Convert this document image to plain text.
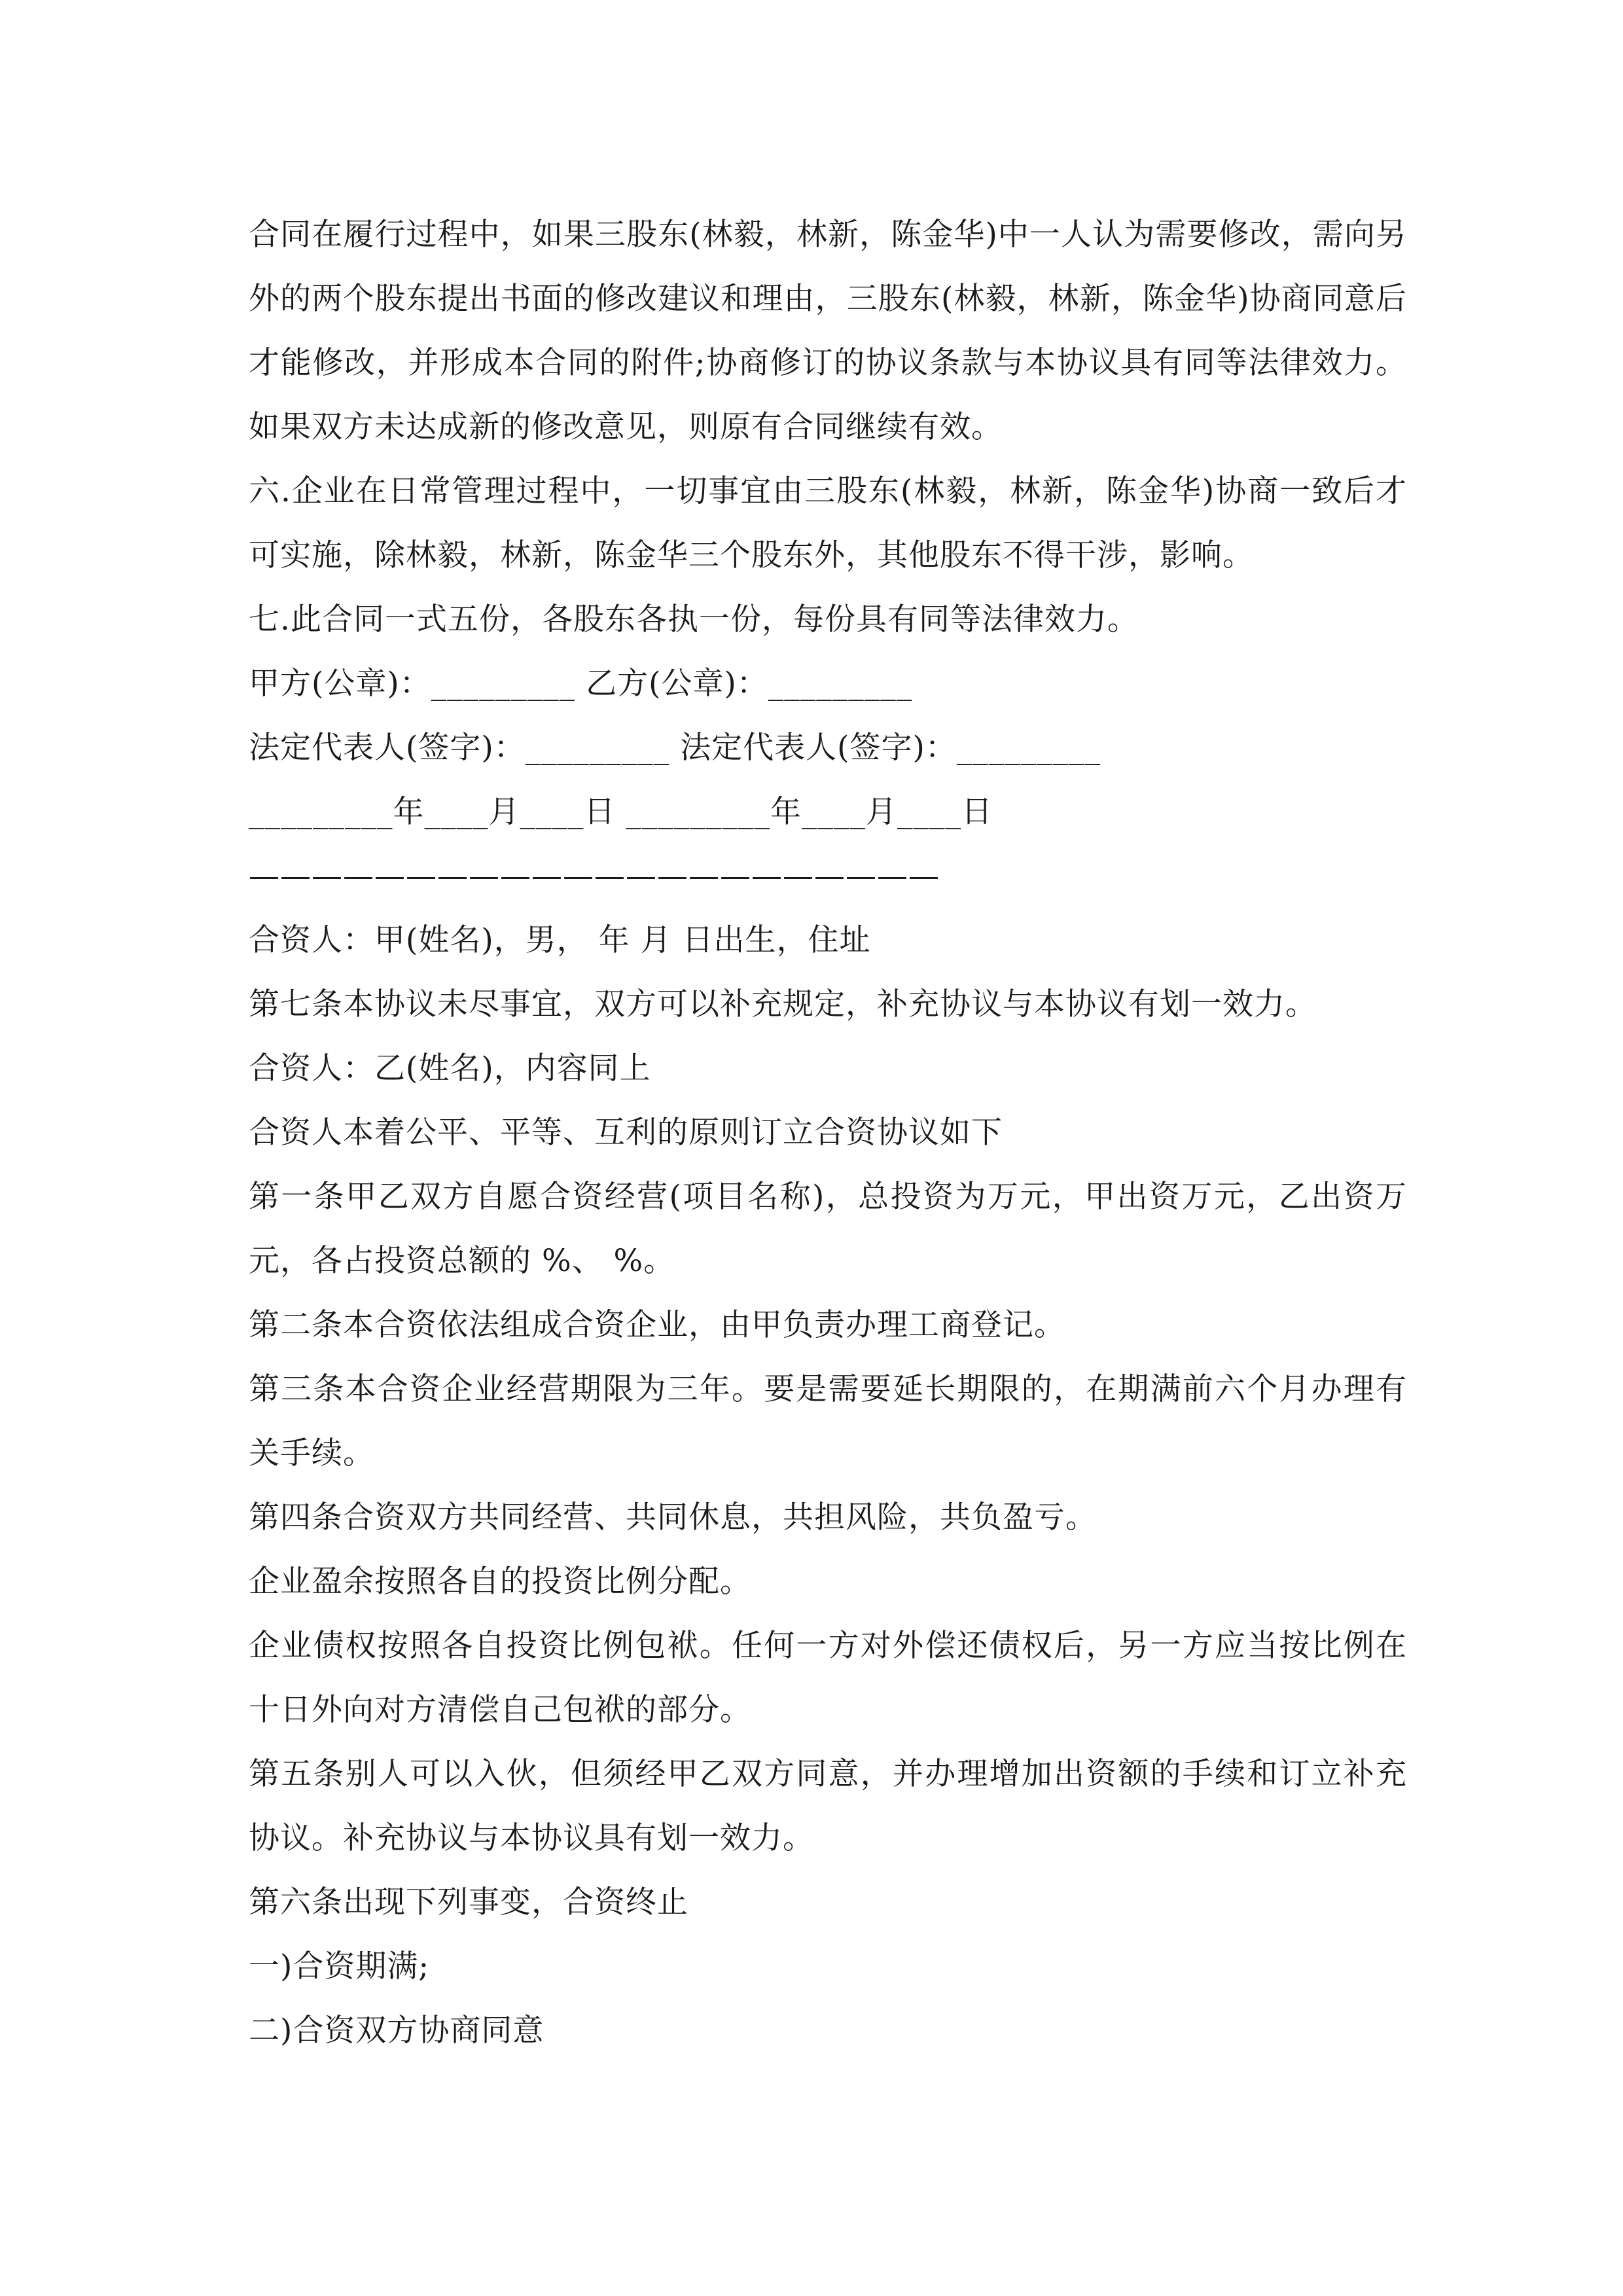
合同在履行过程中，如果三股东(林毅，林新，陈金华)中一人认为需要修改，需向另外的两个股东提出书面的修改建议和理由，三股东(林毅，林新，陈金华)协商同意后才能修改，并形成本合同的附件;协商修订的协议条款与本协议具有同等法律效力。如果双方未达成新的修改意见，则原有合同继续有效。

六.企业在日常管理过程中，一切事宜由三股东(林毅，林新，陈金华)协商一致后才可实施，除林毅，林新，陈金华三个股东外，其他股东不得干涉，影响。

七.此合同一式五份，各股东各执一份，每份具有同等法律效力。

甲方(公章)：_________ 乙方(公章)：_________

法定代表人(签字)：_________ 法定代表人(签字)：_________

_________年____月____日 _________年____月____日

——————————————————————

合资人：甲(姓名)，男， 年 月 日出生，住址

第七条本协议未尽事宜，双方可以补充规定，补充协议与本协议有划一效力。

合资人：乙(姓名)，内容同上

合资人本着公平、平等、互利的原则订立合资协议如下

第一条甲乙双方自愿合资经营(项目名称)，总投资为万元，甲出资万元，乙出资万元，各占投资总额的 %、 %。

第二条本合资依法组成合资企业，由甲负责办理工商登记。

第三条本合资企业经营期限为三年。要是需要延长期限的，在期满前六个月办理有关手续。

第四条合资双方共同经营、共同休息，共担风险，共负盈亏。

企业盈余按照各自的投资比例分配。

企业债权按照各自投资比例包袱。任何一方对外偿还债权后，另一方应当按比例在十日外向对方清偿自己包袱的部分。

第五条别人可以入伙，但须经甲乙双方同意，并办理增加出资额的手续和订立补充协议。补充协议与本协议具有划一效力。

第六条出现下列事变，合资终止

一)合资期满;

二)合资双方协商同意
